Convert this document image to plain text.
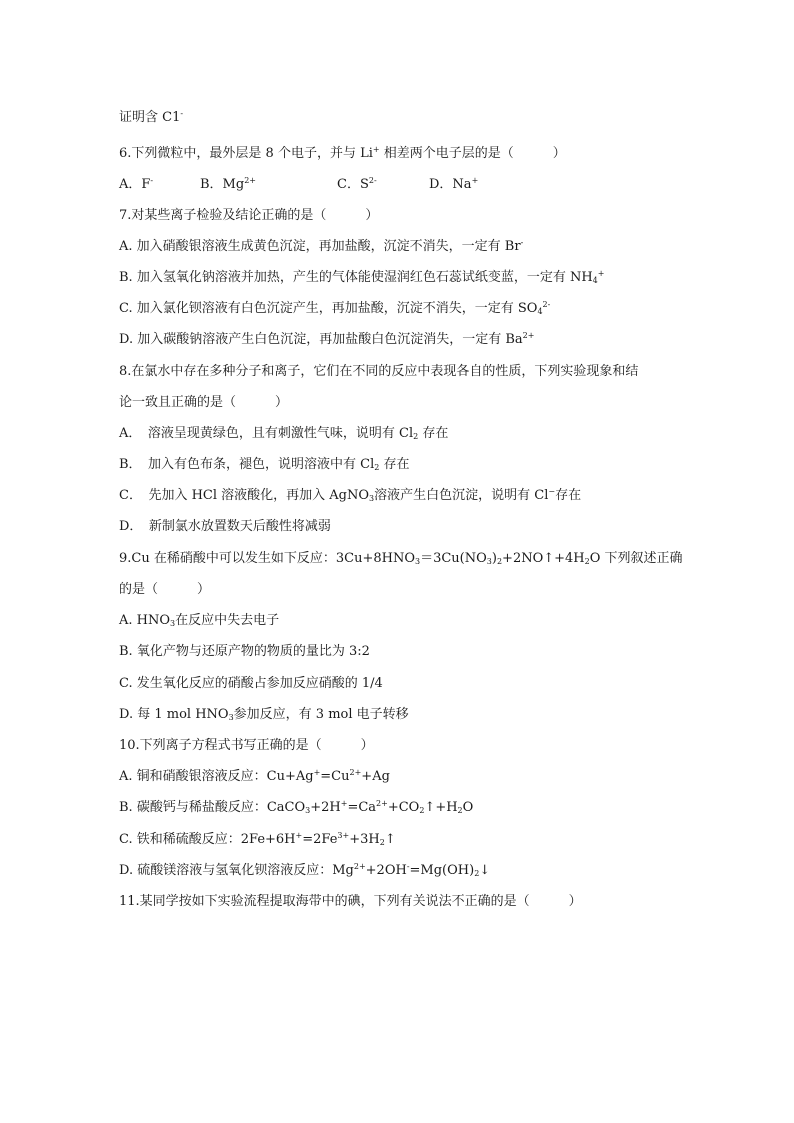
证明含 C1-
6.下列微粒中，最外层是 8 个电子，并与 Li+ 相差两个电子层的是（　　　）
A．F-	B．$Mg^{2+}$	C．$S^{2-}$	D．Na+
7.对某些离子检验及结论正确的是（　　　）
A. 加入硝酸银溶液生成黄色沉淀，再加盐酸，沉淀不消失，一定有 Br-
B. 加入氢氧化钠溶液并加热，产生的气体能使湿润红色石蕊试纸变蓝，一定有 $NH_4^+$
C. 加入氯化钡溶液有白色沉淀产生，再加盐酸，沉淀不消失，一定有 $SO_4^{2-}$
D. 加入碳酸钠溶液产生白色沉淀，再加盐酸白色沉淀消失，一定有 $Ba^{2+}$
8.在氯水中存在多种分子和离子，它们在不同的反应中表现各自的性质，下列实验现象和结
论一致且正确的是（　　　）
A．　溶液呈现黄绿色，且有刺激性气味，说明有 $Cl_2$ 存在
B．　加入有色布条，褪色，说明溶液中有 $Cl_2$ 存在
C．　先加入 HCl 溶液酸化，再加入 AgNO$_3$溶液产生白色沉淀，说明有 Cl−存在
D．　新制氯水放置数天后酸性将减弱
9.Cu 在稀硝酸中可以发生如下反应：$3Cu+8HNO_3=3Cu(NO_3)_2+2NO↑+4H_2O$ 下列叙述正确
的是（　　　）
A. $HNO_3$在反应中失去电子
B. 氧化产物与还原产物的物质的量比为 3:2
C. 发生氧化反应的硝酸占参加反应硝酸的 1/4
D. 每 1 mol $HNO_3$参加反应，有 3 mol 电子转移
10.下列离子方程式书写正确的是（　　　）
A. 铜和硝酸银溶液反应：$Cu+Ag^+=Cu^{2+}+Ag$
B. 碳酸钙与稀盐酸反应：$CaCO_3+2H^+=Ca^{2+}+CO_2↑+H_2O$
C. 铁和稀硫酸反应：$2Fe+6H^+=2Fe^{3+}+3H_2↑$
D. 硫酸镁溶液与氢氧化钡溶液反应：$Mg^{2+}+2OH^-=Mg(OH)_2↓$
11.某同学按如下实验流程提取海带中的碘，下列有关说法不正确的是（　　　）
